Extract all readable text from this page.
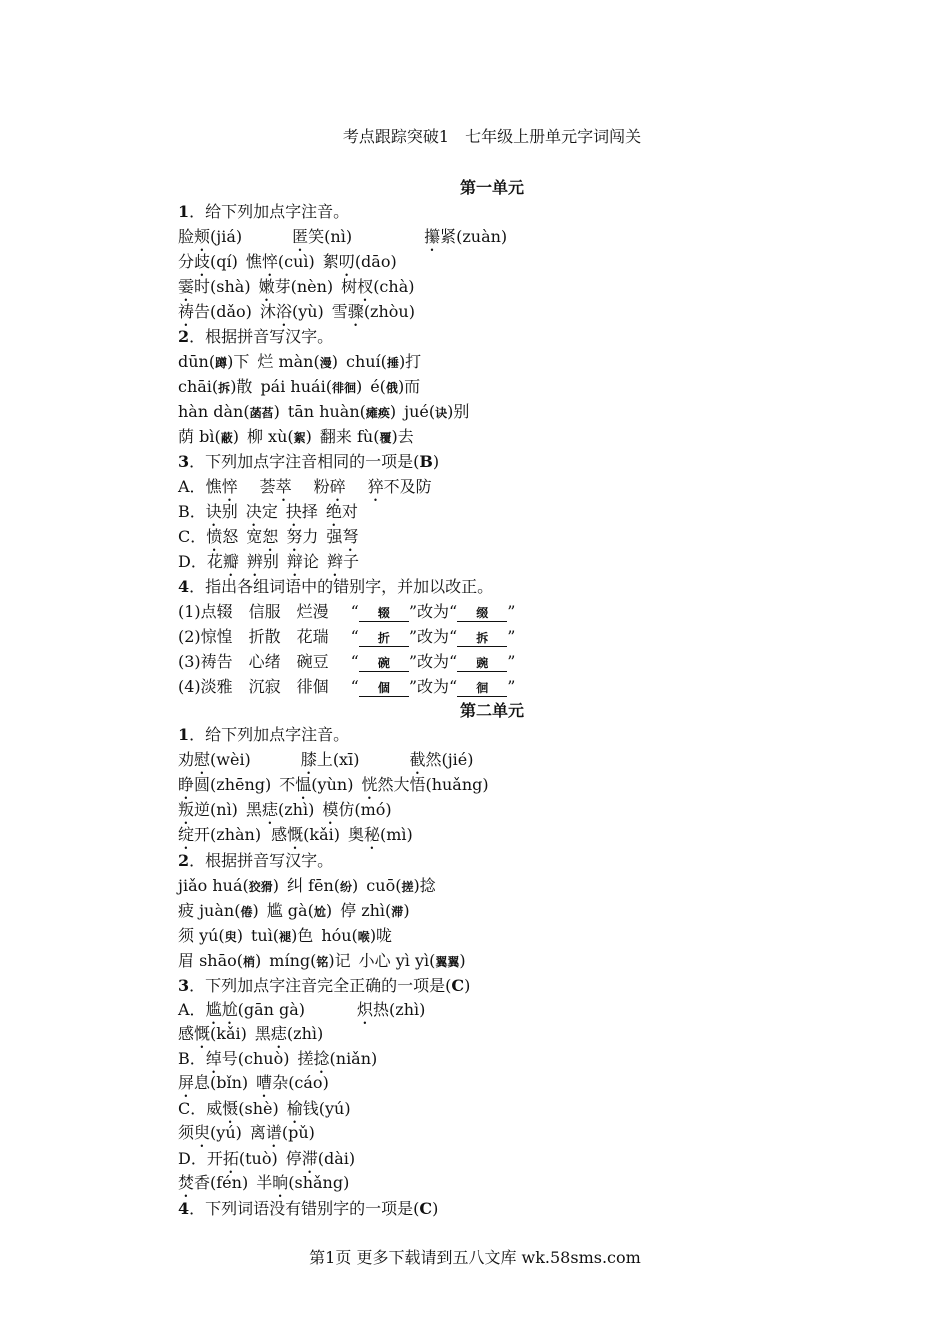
考点跟踪突破1　七年级上册单元字词闯关
第一单元
1．给下列加点字注音。
脸颊(jiá)	匿笑(nì)	攥紧(zuàn)
分歧(qí) 憔悴(cuì) 絮叨(dāo)
霎时(shà) 嫩芽(nèn) 树杈(chà)
祷告(dǎo) 沐浴(yù) 雪骤(zhòu)
2．根据拼音写汉字。
dūn(蹲)下 烂 màn(漫) chuí(捶)打
chāi(拆)散 pái huái(徘徊) é(俄)而
hàn dàn(菡萏) tān huàn(瘫痪) jué(诀)别
荫 bì(蔽) 柳 xù(絮) 翻来 fù(覆)去
3．下列加点字注音相同的一项是(B)
A．憔悴 荟萃 粉碎 猝不及防
B．诀别 决定 抉择 绝对
C．愤怒 宽恕 努力 强弩
D．花瓣 辨别 辩论 辫子
4．指出各组词语中的错别字，并加以改正。
(1)点辍　信服　烂漫 “ 辍 ”改为“ 缀 ”
(2)惊惶　折散　花瑞 “ 折 ”改为“ 拆 ”
(3)祷告　心绪　碗豆 “ 碗 ”改为“ 豌 ”
(4)淡雅　沉寂　徘個 “ 個 ”改为“ 徊 ”
第二单元
1．给下列加点字注音。
劝慰(wèi)	膝上(xī)	截然(jié)
睁圆(zhēng) 不愠(yùn) 恍然大悟(huǎng)
叛逆(nì) 黑痣(zhì) 模仿(mó)
绽开(zhàn) 感慨(kǎi) 奥秘(mì)
2．根据拼音写汉字。
jiǎo huá(狡猾) 纠 fēn(纷) cuō(搓)捻
疲 juàn(倦) 尴 gà(尬) 停 zhì(滞)
须 yú(臾) tuì(褪)色 hóu(喉)咙
眉 shāo(梢) míng(铭)记 小心 yì yì(翼翼)
3．下列加点字注音完全正确的一项是(C)
A．尴尬(gān gà)	炽热(zhì)
感慨(kǎi) 黑痣(zhì)
B．绰号(chuò) 搓捻(niǎn)
屏息(bǐn) 嘈杂(cáo)
C．威慑(shè) 榆钱(yú)
须臾(yú) 离谱(pǔ)
D．开拓(tuò) 停滞(dài)
焚香(fén) 半晌(shǎng)
4．下列词语没有错别字的一项是(C)
第1页 更多下载请到五八文库 wk.58sms.com
